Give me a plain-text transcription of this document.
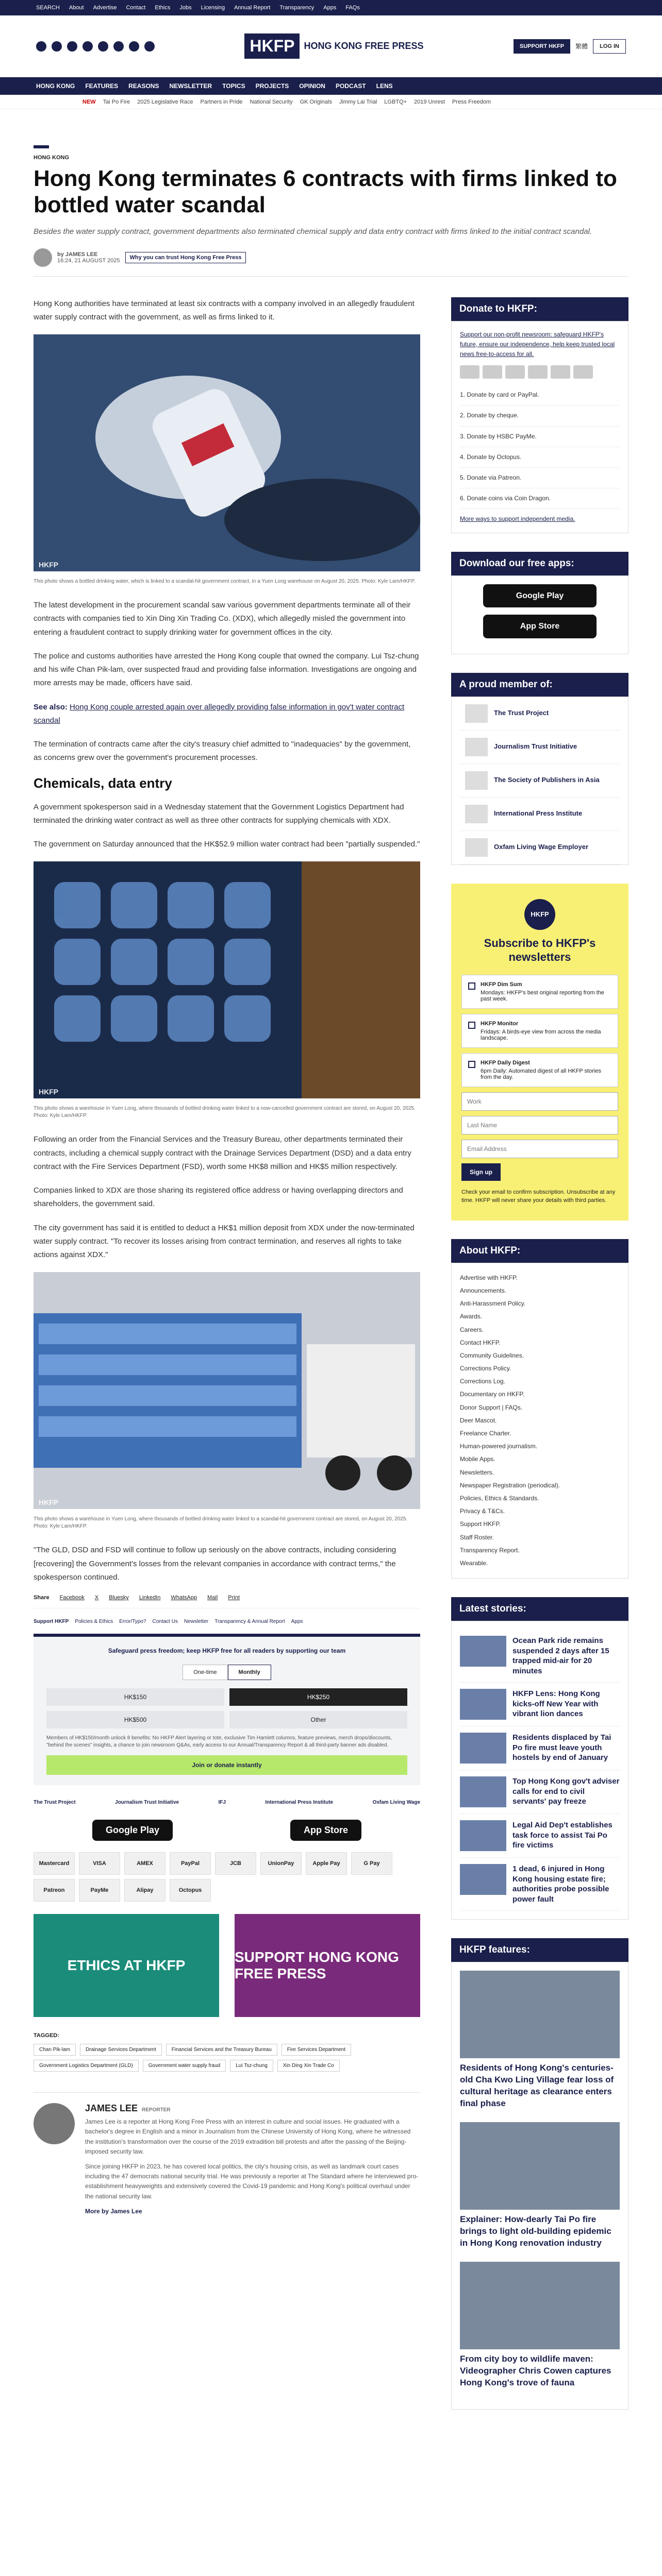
SEARCH About Advertise Contact Ethics Jobs Licensing Annual Report Transparency Apps FAQs
HKFP	HONG KONG FREE PRESS	SUPPORT HKFP	繁體	LOG IN
HONG KONG FEATURES REASONS NEWSLETTER TOPICS PROJECTS OPINION PODCAST LENS
NEW Tai Po Fire 2025 Legislative Race Partners in Pride National Security GK Originals Jimmy Lai Trial LGBTQ+ 2019 Unrest Press Freedom
HONG KONG
Hong Kong terminates 6 contracts with firms linked to bottled water scandal
Besides the water supply contract, government departments also terminated chemical supply and data entry contract with firms linked to the initial contract scandal.
by JAMES LEE
16:24, 21 AUGUST 2025	Why you can trust Hong Kong Free Press

Hong Kong authorities have terminated at least six contracts with a company involved in an allegedly fraudulent water supply contract with the government, as well as firms linked to it.

HKFP
This photo shows a bottled drinking water, which is linked to a scandal-hit government contract, in a Yuen Long warehouse on August 20, 2025. Photo: Kyle Lam/HKFP.

The latest development in the procurement scandal saw various government departments terminate all of their contracts with companies tied to Xin Ding Xin Trading Co. (XDX), which allegedly misled the government into entering a fraudulent contract to supply drinking water for government offices in the city.

The police and customs authorities have arrested the Hong Kong couple that owned the company. Lui Tsz-chung and his wife Chan Pik-lam, over suspected fraud and providing false information. Investigations are ongoing and more arrests may be made, officers have said.

See also: Hong Kong couple arrested again over allegedly providing false information in gov't water contract scandal

The termination of contracts came after the city's treasury chief admitted to "inadequacies" by the government, as concerns grew over the government's procurement processes.

Chemicals, data entry

A government spokesperson said in a Wednesday statement that the Government Logistics Department had terminated the drinking water contract as well as three other contracts for supplying chemicals with XDX.

The government on Saturday announced that the HK$52.9 million water contract had been "partially suspended."

HKFP
This photo shows a warehouse in Yuen Long, where thousands of bottled drinking water linked to a now-cancelled government contract are stored, on August 20, 2025. Photo: Kyle Lam/HKFP.

Following an order from the Financial Services and the Treasury Bureau, other departments terminated their contracts, including a chemical supply contract with the Drainage Services Department (DSD) and a data entry contract with the Fire Services Department (FSD), worth some HK$8 million and HK$5 million respectively.

Companies linked to XDX are those sharing its registered office address or having overlapping directors and shareholders, the government said.

The city government has said it is entitled to deduct a HK$1 million deposit from XDX under the now-terminated water supply contract. "To recover its losses arising from contract termination, and reserves all rights to take actions against XDX."

HKFP
This photo shows a warehouse in Yuen Long, where thousands of bottled drinking water linked to a scandal-hit government contract are stored, on August 20, 2025. Photo: Kyle Lam/HKFP.

"The GLD, DSD and FSD will continue to follow up seriously on the above contracts, including considering [recovering] the Government's losses from the relevant companies in accordance with contract terms," the spokesperson continued.

Share Facebook X Bluesky LinkedIn WhatsApp Mail Print
Support HKFP Policies & Ethics Error/Typo? Contact Us Newsletter Transparency & Annual Report Apps
Safeguard press freedom; keep HKFP free for all readers by supporting our team
One-time	Monthly
HK$150	HK$250
HK$500	Other
Members of HK$150/month unlock 8 benefits: No HKFP Alert layering or tote, exclusive Tim Hamlett columns, feature previews, merch drops/discounts, "behind the scenes" insights, a chance to join newsroom Q&As, early access to our Annual/Transparency Report & all third-party banner ads disabled.
Join or donate instantly
The Trust Project	Journalism Trust Initiative	IFJ	International Press Institute	Oxfam Living Wage
Google Play	App Store
Mastercard	VISA	AMEX	PayPal	JCB	UnionPay	Apple Pay	G Pay
Patreon	PayMe	Alipay	Octopus
ETHICS AT HKFP
SUPPORT HONG KONG FREE PRESS
TAGGED:
Chan Pik-lam	Drainage Services Department	Financial Services and the Treasury Bureau	Fire Services Department
Government Logistics Department (GLD)	Government water supply fraud	Lui Tsz-chung	Xin Ding Xin Trade Co
JAMES LEE REPORTER

James Lee is a reporter at Hong Kong Free Press with an interest in culture and social issues. He graduated with a bachelor's degree in English and a minor in Journalism from the Chinese University of Hong Kong, where he witnessed the institution's transformation over the course of the 2019 extradition bill protests and after the passing of the Beijing-imposed security law.

Since joining HKFP in 2023, he has covered local politics, the city's housing crisis, as well as landmark court cases including the 47 democrats national security trial. He was previously a reporter at The Standard where he interviewed pro-establishment heavyweights and extensively covered the Covid-19 pandemic and Hong Kong's political overhaul under the national security law.

More by James Lee
Donate to HKFP:
Support our non-profit newsroom: safeguard HKFP's future, ensure our independence, help keep trusted local news free-to-access for all.
1. Donate by card or PayPal.
2. Donate by cheque.
3. Donate by HSBC PayMe.
4. Donate by Octopus.
5. Donate via Patreon.
6. Donate coins via Coin Dragon.
More ways to support independent media.
Download our free apps:
Google Play
App Store
A proud member of:
The Trust Project
Journalism Trust Initiative
The Society of Publishers in Asia
International Press Institute
Oxfam Living Wage Employer
HKFP
Subscribe to HKFP's newsletters
HKFP Dim Sum
Mondays: HKFP's best original reporting from the past week.
HKFP Monitor
Fridays: A birds-eye view from across the media landscape.
HKFP Daily Digest
6pm Daily: Automated digest of all HKFP stories from the day.
Work
Last Name
Email Address
Sign up
Check your email to confirm subscription. Unsubscribe at any time. HKFP will never share your details with third parties.
About HKFP:
Advertise with HKFP.
Announcements.
Anti-Harassment Policy.
Awards.
Careers.
Contact HKFP.
Community Guidelines.
Corrections Policy.
Corrections Log.
Documentary on HKFP.
Donor Support | FAQs.
Deer Mascot.
Freelance Charter.
Human-powered journalism.
Mobile Apps.
Newsletters.
Newspaper Registration (periodical).
Policies, Ethics & Standards.
Privacy & T&Cs.
Support HKFP.
Staff Roster.
Transparency Report.
Wearable.
Latest stories:
Ocean Park ride remains suspended 2 days after 15 trapped mid-air for 20 minutes
HKFP Lens: Hong Kong kicks-off New Year with vibrant lion dances
Residents displaced by Tai Po fire must leave youth hostels by end of January
Top Hong Kong gov't adviser calls for end to civil servants' pay freeze
Legal Aid Dep't establishes task force to assist Tai Po fire victims
1 dead, 6 injured in Hong Kong housing estate fire; authorities probe possible power fault
HKFP features:
Residents of Hong Kong's centuries-old Cha Kwo Ling Village fear loss of cultural heritage as clearance enters final phase
Explainer: How-dearly Tai Po fire brings to light old-building epidemic in Hong Kong renovation industry
From city boy to wildlife maven: Videographer Chris Cowen captures Hong Kong's trove of fauna
